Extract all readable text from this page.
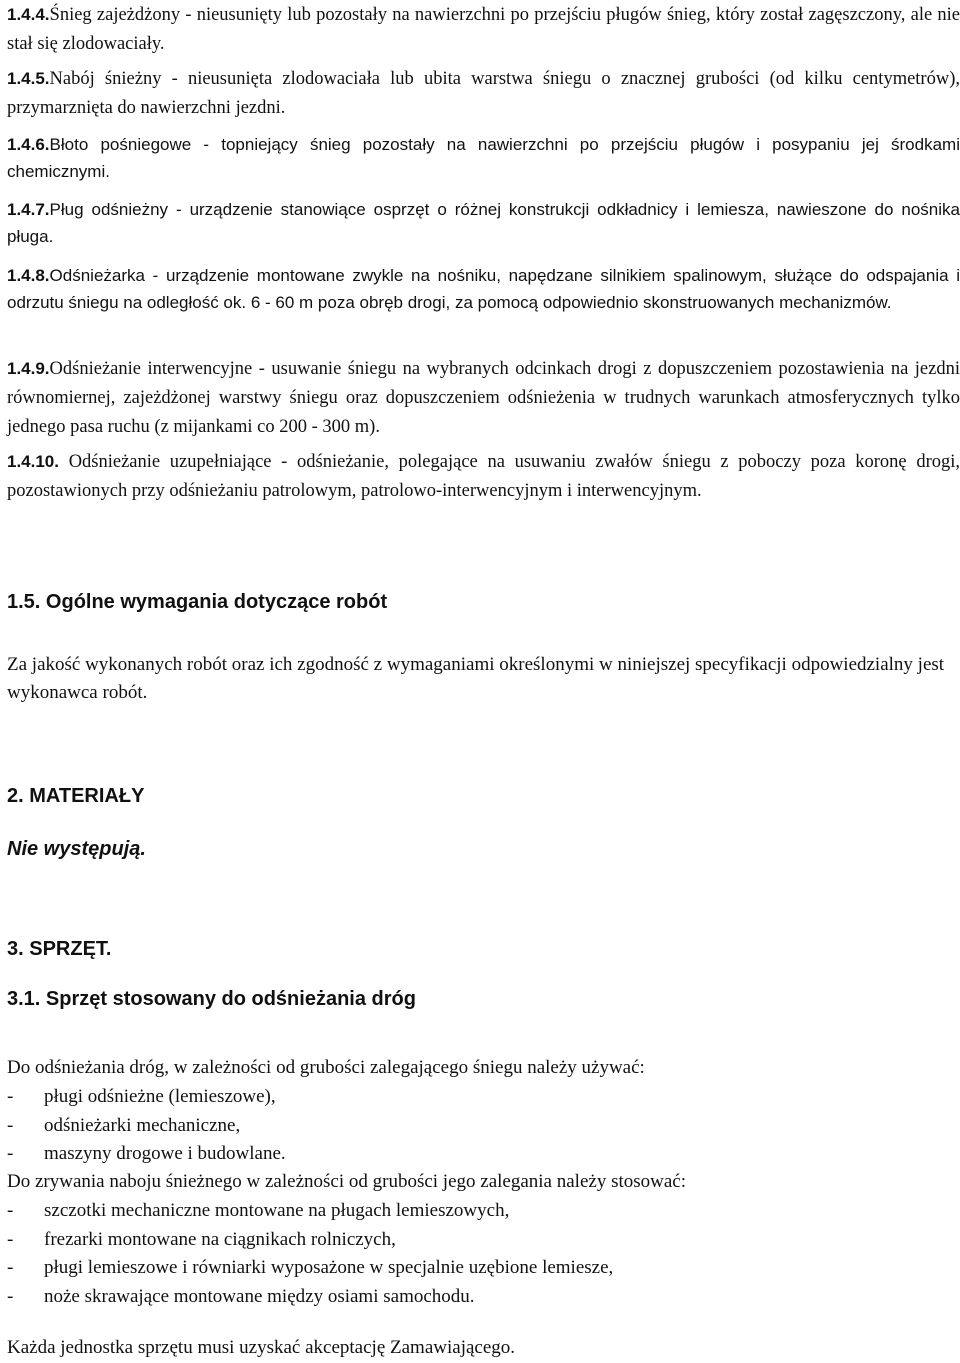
1.4.4.Śnieg zajeżdżony - nieusunięty lub pozostały na nawierzchni po przejściu pługów śnieg, który został zagęszczony, ale nie stał się zlodowaciały.
1.4.5.Nabój śnieżny - nieusunięta zlodowaciała lub ubita warstwa śniegu o znacznej grubości (od kilku centymetrów), przymarznięta do nawierzchni jezdni.
1.4.6.Błoto pośniegowe - topniejący śnieg pozostały na nawierzchni po przejściu pługów i posypaniu jej środkami chemicznymi.
1.4.7.Pług odśnieżny - urządzenie stanowiące osprzęt o różnej konstrukcji odkładnicy i lemiesza, nawieszone do nośnika pługa.
1.4.8.Odśnieżarka - urządzenie montowane zwykle na nośniku, napędzane silnikiem spalinowym, służące do odspajania i odrzutu śniegu na odległość ok. 6 - 60 m poza obręb drogi, za pomocą odpowiednio skonstruowanych mechanizmów.
1.4.9.Odśnieżanie interwencyjne - usuwanie śniegu na wybranych odcinkach drogi z dopuszczeniem pozostawienia na jezdni równomiernej, zajeżdżonej warstwy śniegu oraz dopuszczeniem odśnieżenia w trudnych warunkach atmosferycznych tylko jednego pasa ruchu (z mijankami co 200 - 300 m).
1.4.10. Odśnieżanie uzupełniające - odśnieżanie, polegające na usuwaniu zwałów śniegu z poboczy poza koronę drogi, pozostawionych przy odśnieżaniu patrolowym, patrolowo-interwencyjnym i interwencyjnym.
1.5. Ogólne wymagania dotyczące robót
Za jakość wykonanych robót oraz ich zgodność z wymaganiami określonymi w niniejszej specyfikacji odpowiedzialny jest wykonawca robót.
2. MATERIAŁY
Nie występują.
3. SPRZĘT.
3.1. Sprzęt stosowany do odśnieżania dróg
Do odśnieżania dróg, w zależności od grubości zalegającego śniegu należy używać:
- pługi odśnieżne (lemieszowe),
- odśnieżarki mechaniczne,
- maszyny drogowe i budowlane.
Do zrywania naboju śnieżnego w zależności od grubości jego zalegania należy stosować:
- szczotki mechaniczne montowane na pługach lemieszowych,
- frezarki montowane na ciągnikach rolniczych,
- pługi lemieszowe i równiarki wyposażone w specjalnie uzębione lemiesze,
- noże skrawające montowane między osiami samochodu.
Każda jednostka sprzętu musi uzyskać akceptację Zamawiającego.
